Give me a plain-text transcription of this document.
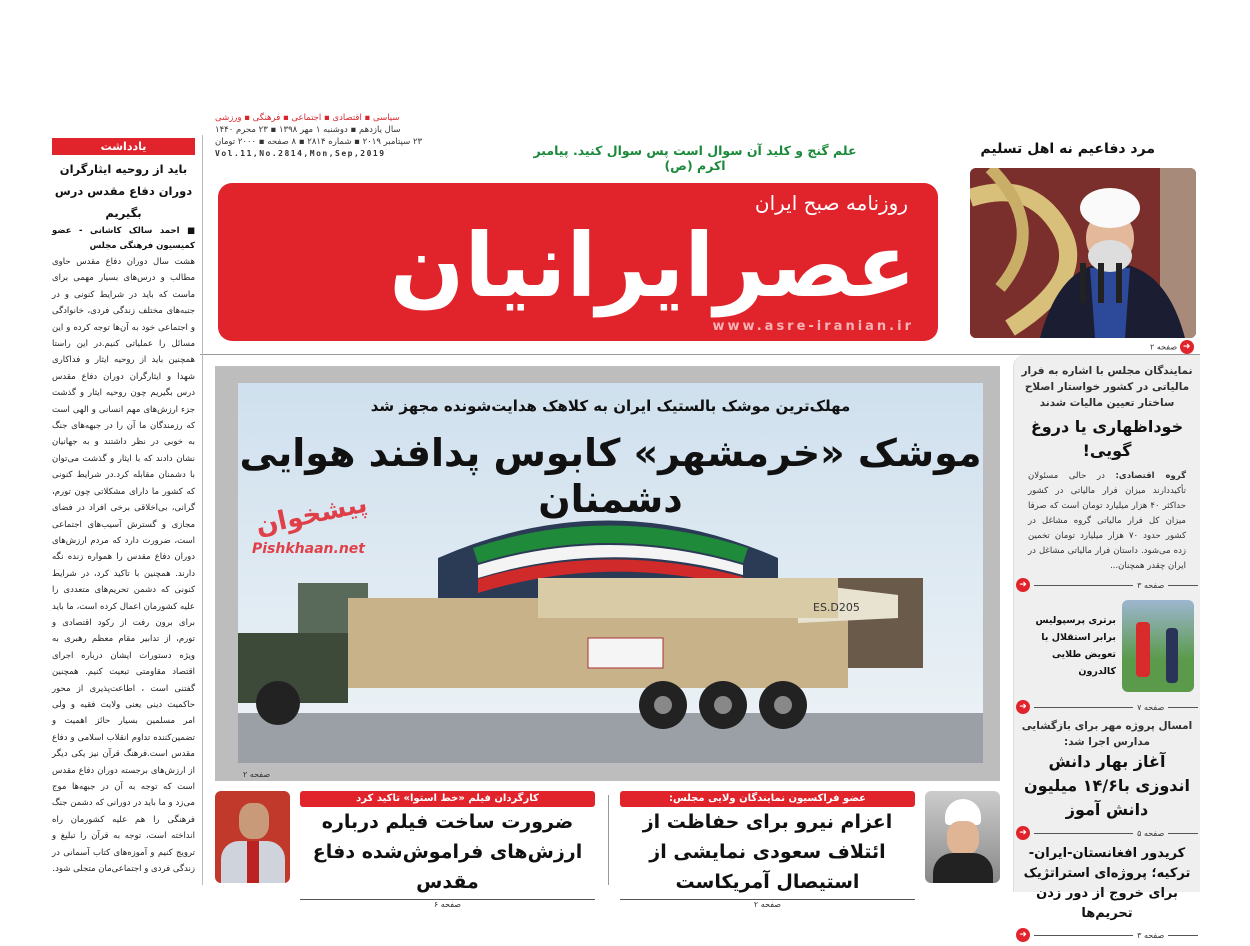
سیاسی ▪ اقتصادی ▪ اجتماعی ▪ فرهنگی ▪ ورزشی
سال یازدهم ▪ دوشنبه ۱ مهر ۱۳۹۸ ▪ ۲۳ محرم ۱۴۴۰
۲۳ سپتامبر ۲۰۱۹ ▪ شماره ۲۸۱۴ ▪ ۸ صفحه ▪ ۲۰۰۰ تومان
Vol.11,No.2814,Mon,Sep,2019	علم گنج و کلید آن سوال است پس سوال کنید. پیامبر اکرم (ص)
روزنامه صبح ایران
عصرایرانیان
www.asre-iranian.ir
مرد دفاعیم نه اهل تسلیم
➜ صفحه ۲
یادداشت
باید از روحیه ایثارگران دوران دفاع مقدس درس بگیریم
■ احمد سالک کاشانی - عضو کمیسیون فرهنگی مجلس
هشت سال دوران دفاع مقدس حاوی مطالب و درس‌های بسیار مهمی برای ماست که باید در شرایط کنونی و در جنبه‌های مختلف زندگی فردی، خانوادگی و اجتماعی خود به آن‌ها توجه کرده و این مسائل را عملیاتی کنیم.در این راستا همچنین باید از روحیه ایثار و فداکاری شهدا و ایثارگران دوران دفاع مقدس درس بگیریم چون روحیه ایثار و گذشت جزء ارزش‌های مهم انسانی و الهی است که رزمندگان ما آن را در جبهه‌های جنگ به خوبی در نظر داشتند و به جهانیان نشان دادند که با ایثار و گذشت می‌توان با دشمنان مقابله کرد.در شرایط کنونی که کشور ما دارای مشکلاتی چون تورم، گرانی، بی‌اخلاقی برخی افراد در فضای مجازی و گسترش آسیب‌های اجتماعی است، ضرورت دارد که مردم ارزش‌های دوران دفاع مقدس را همواره زنده نگه دارند. همچنین با تاکید کرد، در شرایط کنونی که دشمن تحریم‌های متعددی را علیه کشورمان اعمال کرده است، ما باید برای برون رفت از رکود اقتصادی و تورم، از تدابیر مقام معظم رهبری به ویژه دستورات ایشان درباره اجرای اقتصاد مقاومتی تبعیت کنیم. همچنین گفتنی است ، اطاعت‌پذیری از محور حاکمیت دینی یعنی ولایت فقیه و ولی امر مسلمین بسیار حائز اهمیت و تضمین‌کننده تداوم انقلاب اسلامی و دفاع مقدس است.فرهنگ قرآن نیز یکی دیگر از ارزش‌های برجسته دوران دفاع مقدس است که توجه به آن در جبهه‌ها موج می‌زد و ما باید در دورانی که دشمن جنگ فرهنگی را هم علیه کشورمان راه انداخته است، توجه به قرآن را تبلیغ و ترویج کنیم و آموزه‌های کتاب آسمانی در زندگی فردی و اجتماعی‌مان متجلی شود.
ES.D205
مهلک‌ترین موشک بالستیک ایران به کلاهک هدایت‌شونده مجهز شد
موشک «خرمشهر» کابوس پدافند هوایی دشمنان
پیشخوان
Pishkhaan.net
صفحه ۲
نمایندگان مجلس با اشاره به فرار مالیاتی در کشور خواستار اصلاح ساختار تعیین مالیات شدند
خوداظهاری یا دروغ گویی!
گروه اقتصادی: در حالی مسئولان تأکیددارند میزان فرار مالیاتی در کشور حداکثر ۴۰ هزار میلیارد تومان است که صرفا میزان کل فرار مالیاتی گروه مشاغل در کشور حدود ۷۰ هزار میلیارد تومان تخمین زده می‌شود. داستان فرار مالیاتی مشاغل در ایران چقدر همچنان...
➜	صفحه ۳
برتری پرسپولیس برابر استقلال با تعویض طلایی کالدرون
➜	صفحه ۷
امسال پروژه مهر برای بازگشایی مدارس اجرا شد:
آغاز بهار دانش اندوزی با۱۴/۶ میلیون دانش آموز
➜	صفحه ۵
کریدور افغانستان-ایران-ترکیه؛ پروژه‌ای استراتژیک برای خروج از دور زدن تحریم‌ها
➜	صفحه ۳
عضو فراکسیون نمایندگان ولایی مجلس:
اعزام نیرو برای حفاظت از ائتلاف سعودی نمایشی از استیصال آمریکاست
صفحه ۲
کارگردان فیلم «خط استوا» تاکید کرد
ضرورت ساخت فیلم درباره ارزش‌های فراموش‌شده دفاع مقدس
صفحه ۶
